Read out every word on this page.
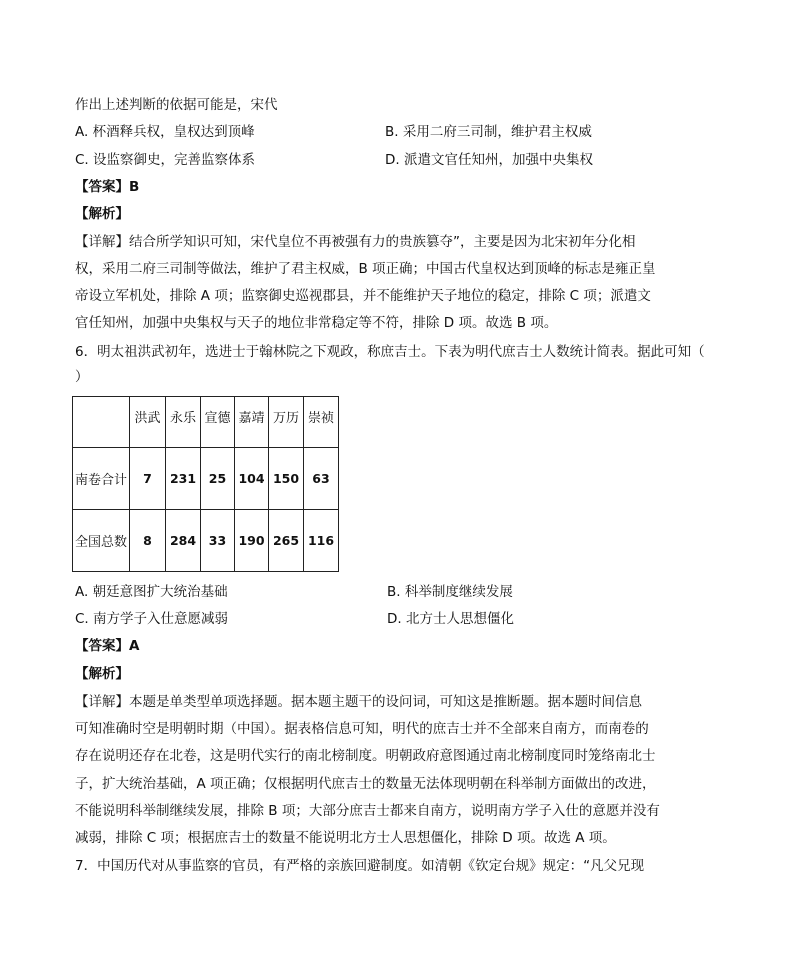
作出上述判断的依据可能是，宋代
A. 杯酒释兵权，皇权达到顶峰	B. 采用二府三司制，维护君主权威
C. 设监察御史，完善监察体系	D. 派遣文官任知州，加强中央集权
【答案】B
【解析】
【详解】结合所学知识可知，宋代皇位不再被强有力的贵族篡夺”，主要是因为北宋初年分化相
权，采用二府三司制等做法，维护了君主权威，B 项正确；中国古代皇权达到顶峰的标志是雍正皇
帝设立军机处，排除 A 项；监察御史巡视郡县，并不能维护天子地位的稳定，排除 C 项；派遣文
官任知州，加强中央集权与天子的地位非常稳定等不符，排除 D 项。故选 B 项。
6．明太祖洪武初年，选进士于翰林院之下观政，称庶吉士。下表为明代庶吉士人数统计简表。据此可知（
）
	洪武	永乐	宣德	嘉靖	万历	崇祯
南卷合计	7	231	25	104	150	63
全国总数	8	284	33	190	265	116
A. 朝廷意图扩大统治基础	B. 科举制度继续发展
C. 南方学子入仕意愿减弱	D. 北方士人思想僵化
【答案】A
【解析】
【详解】本题是单类型单项选择题。据本题主题干的设问词，可知这是推断题。据本题时间信息
可知准确时空是明朝时期（中国）。据表格信息可知，明代的庶吉士并不全部来自南方，而南卷的
存在说明还存在北卷，这是明代实行的南北榜制度。明朝政府意图通过南北榜制度同时笼络南北士
子，扩大统治基础，A 项正确；仅根据明代庶吉士的数量无法体现明朝在科举制方面做出的改进，
不能说明科举制继续发展，排除 B 项；大部分庶吉士都来自南方，说明南方学子入仕的意愿并没有
减弱，排除 C 项；根据庶吉士的数量不能说明北方士人思想僵化，排除 D 项。故选 A 项。
7．中国历代对从事监察的官员，有严格的亲族回避制度。如清朝《钦定台规》规定：“凡父兄现
